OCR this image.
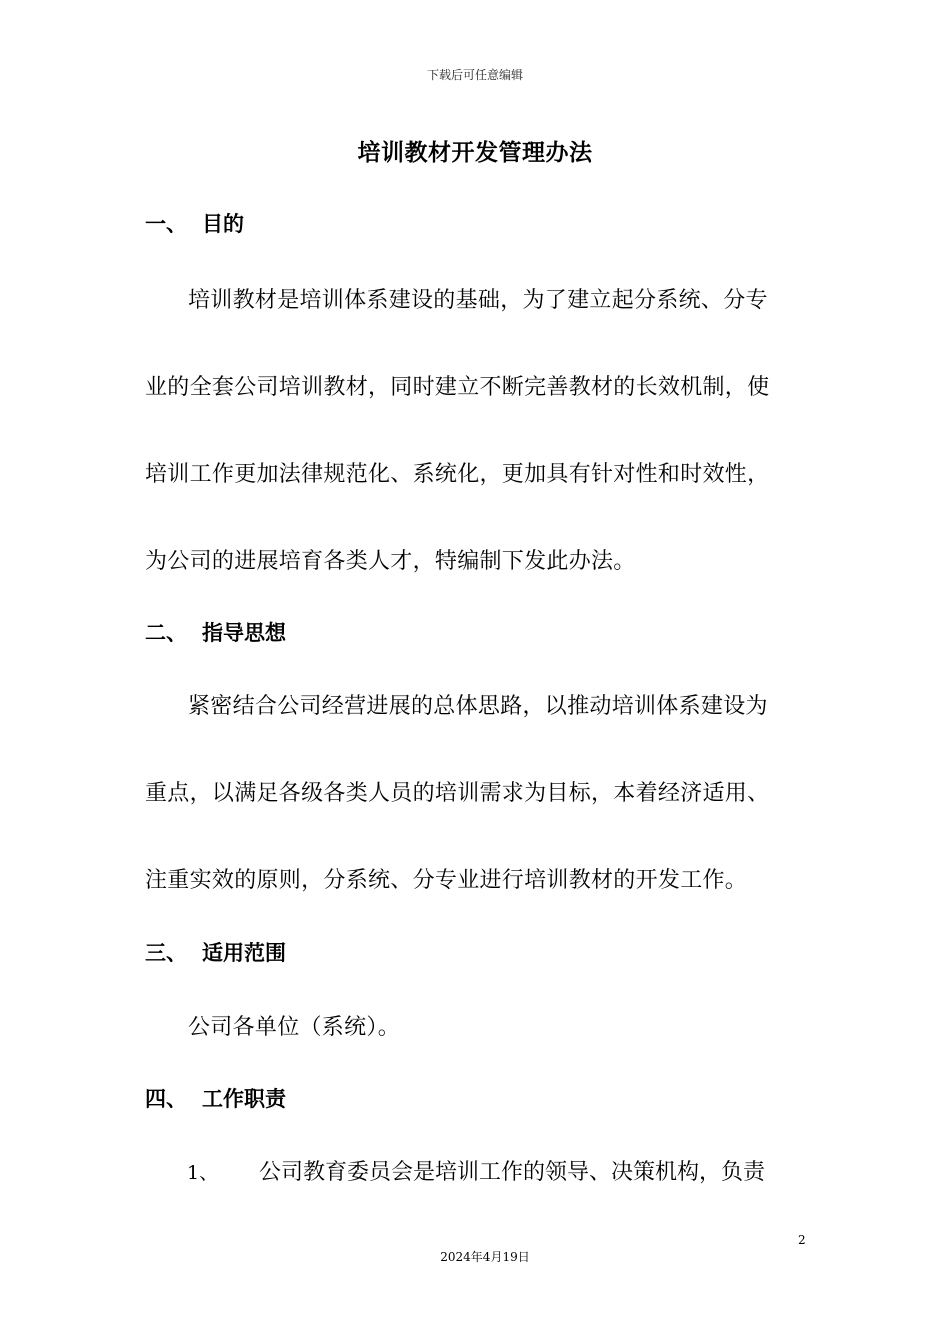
下载后可任意编辑
培训教材开发管理办法
一、 目的
培训教材是培训体系建设的基础，为了建立起分系统、分专
业的全套公司培训教材，同时建立不断完善教材的长效机制，使
培训工作更加法律规范化、系统化，更加具有针对性和时效性，
为公司的进展培育各类人才，特编制下发此办法。
二、 指导思想
紧密结合公司经营进展的总体思路，以推动培训体系建设为
重点，以满足各级各类人员的培训需求为目标，本着经济适用、
注重实效的原则，分系统、分专业进行培训教材的开发工作。
三、 适用范围
公司各单位（系统）。
四、 工作职责
1、 公司教育委员会是培训工作的领导、决策机构，负责
2
2024年4月19日
